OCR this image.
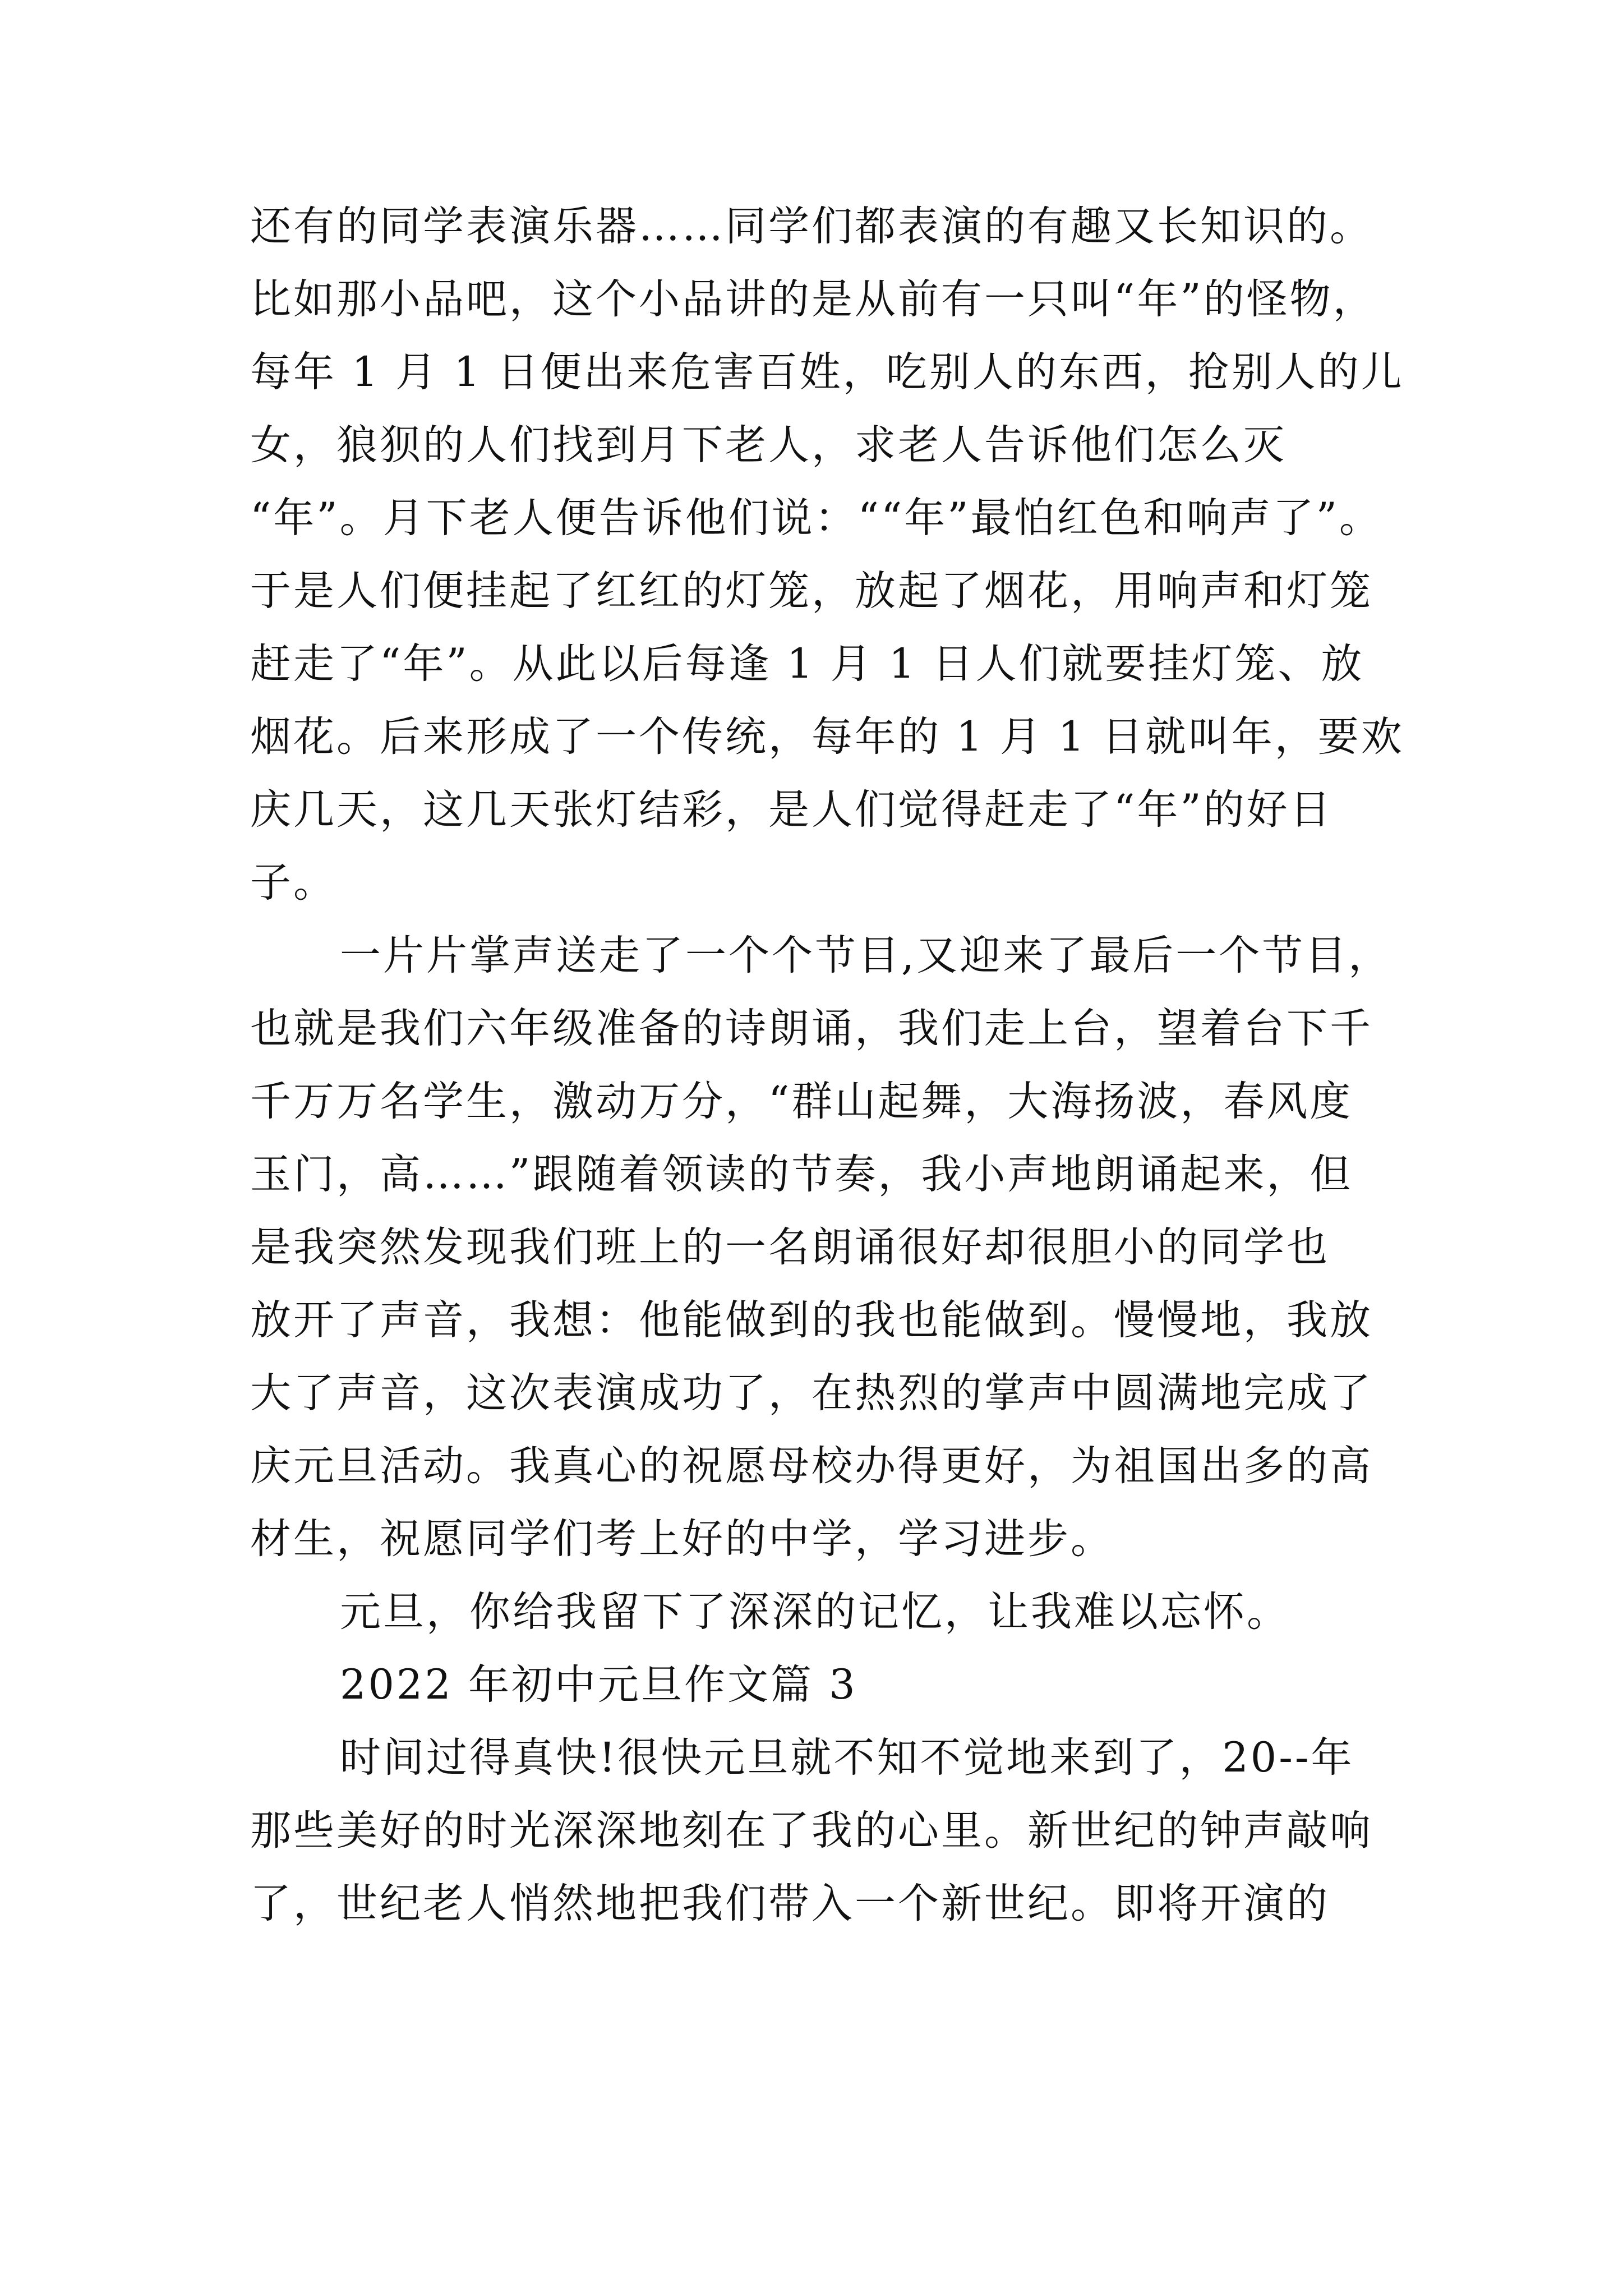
还有的同学表演乐器……同学们都表演的有趣又长知识的。
比如那小品吧，这个小品讲的是从前有一只叫“年”的怪物，
每年 1 月 1 日便出来危害百姓，吃别人的东西，抢别人的儿
女，狼狈的人们找到月下老人，求老人告诉他们怎么灭
“年”。月下老人便告诉他们说：““年”最怕红色和响声了”。
于是人们便挂起了红红的灯笼，放起了烟花，用响声和灯笼
赶走了“年”。从此以后每逢 1 月 1 日人们就要挂灯笼、放
烟花。后来形成了一个传统，每年的 1 月 1 日就叫年，要欢
庆几天，这几天张灯结彩，是人们觉得赶走了“年”的好日
子。
一片片掌声送走了一个个节目,又迎来了最后一个节目，
也就是我们六年级准备的诗朗诵，我们走上台，望着台下千
千万万名学生，激动万分，“群山起舞，大海扬波，春风度
玉门，高……”跟随着领读的节奏，我小声地朗诵起来，但
是我突然发现我们班上的一名朗诵很好却很胆小的同学也
放开了声音，我想：他能做到的我也能做到。慢慢地，我放
大了声音，这次表演成功了，在热烈的掌声中圆满地完成了
庆元旦活动。我真心的祝愿母校办得更好，为祖国出多的高
材生，祝愿同学们考上好的中学，学习进步。
元旦，你给我留下了深深的记忆，让我难以忘怀。
2022 年初中元旦作文篇 3
时间过得真快!很快元旦就不知不觉地来到了，20--年
那些美好的时光深深地刻在了我的心里。新世纪的钟声敲响
了，世纪老人悄然地把我们带入一个新世纪。即将开演的
